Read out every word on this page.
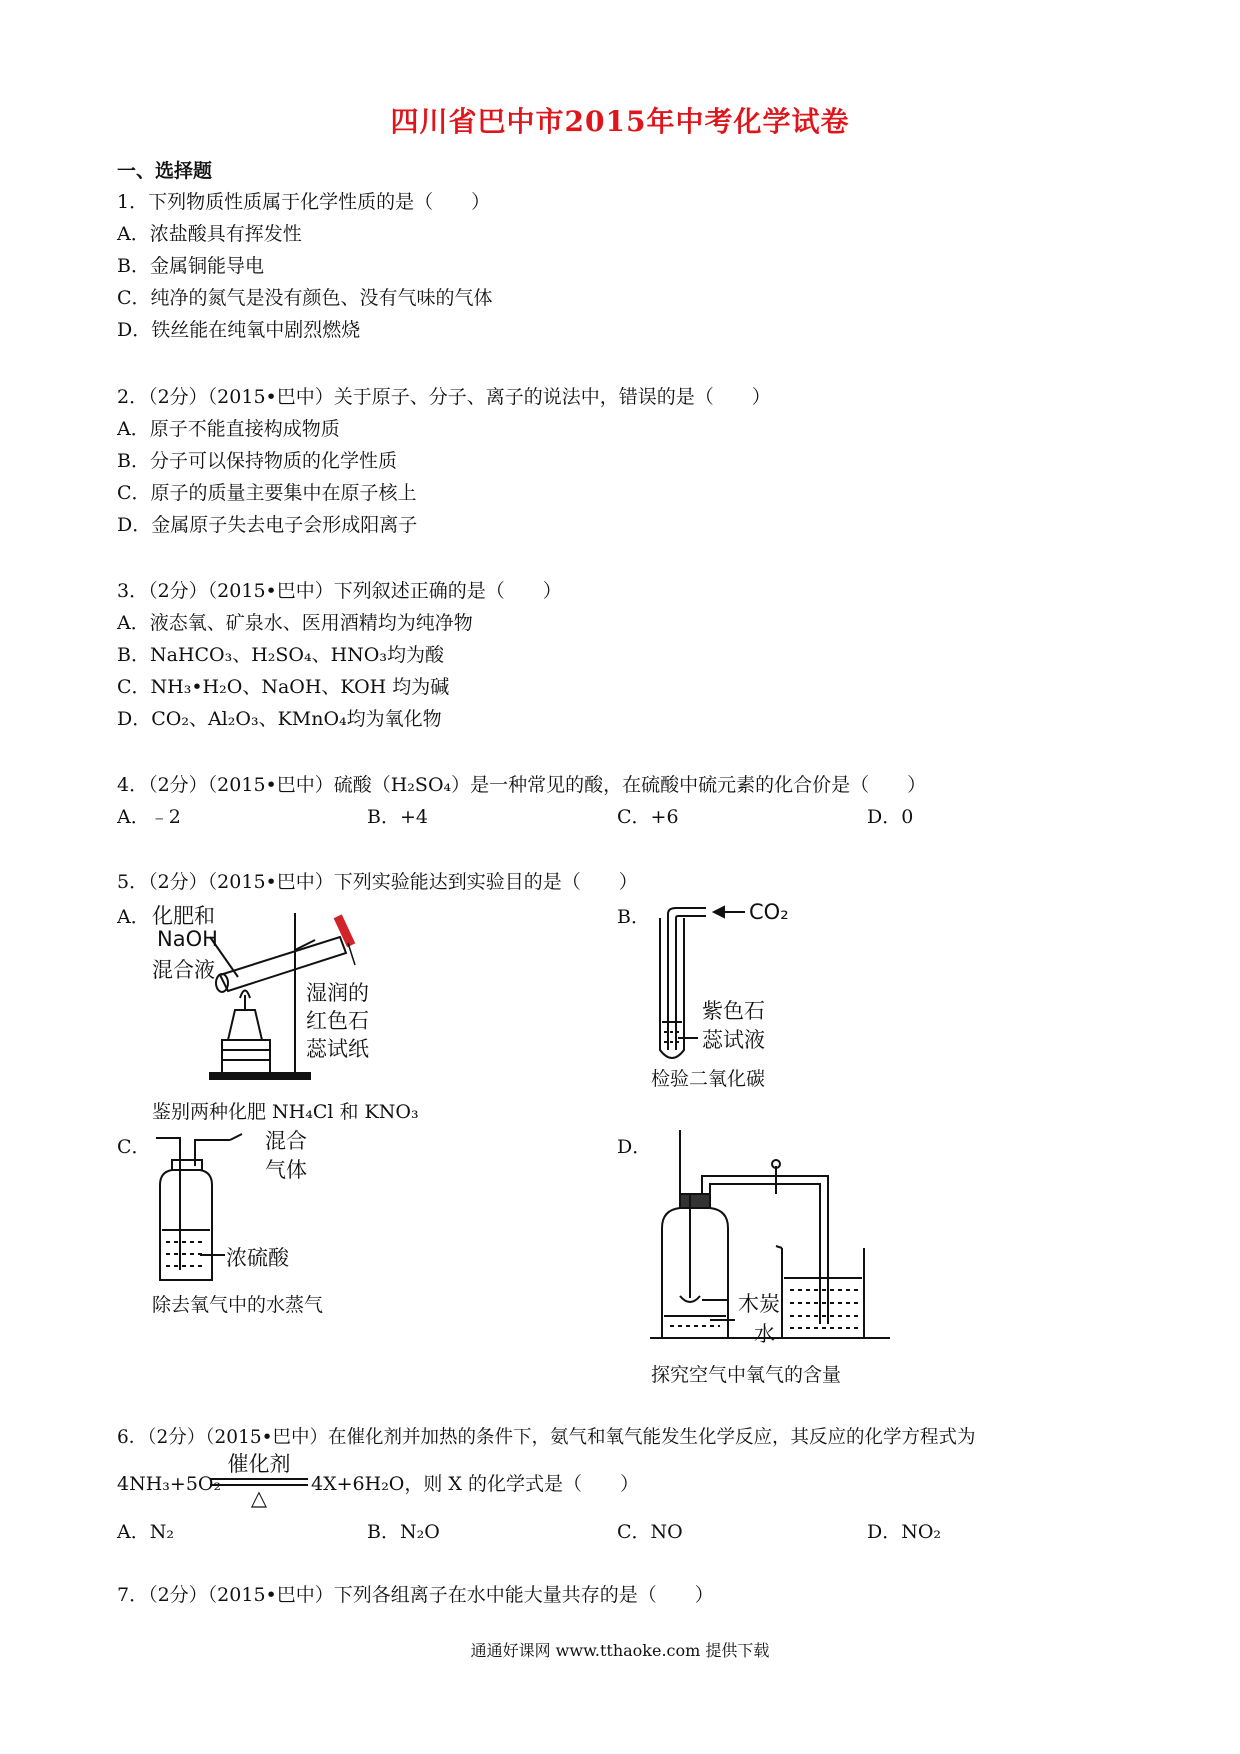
四川省巴中市2015年中考化学试卷
一、选择题
1．下列物质性质属于化学性质的是（　　）
A．浓盐酸具有挥发性
B．金属铜能导电
C．纯净的氮气是没有颜色、没有气味的气体
D．铁丝能在纯氧中剧烈燃烧
2．（2分）（2015•巴中）关于原子、分子、离子的说法中，错误的是（　　）
A．原子不能直接构成物质
B．分子可以保持物质的化学性质
C．原子的质量主要集中在原子核上
D．金属原子失去电子会形成阳离子
3．（2分）（2015•巴中）下列叙述正确的是（　　）
A．液态氧、矿泉水、医用酒精均为纯净物
B．NaHCO₃、H₂SO₄、HNO₃均为酸
C．NH₃•H₂O、NaOH、KOH 均为碱
D．CO₂、Al₂O₃、KMnO₄均为氧化物
4．（2分）（2015•巴中）硫酸（H₂SO₄）是一种常见的酸，在硫酸中硫元素的化合价是（　　）
A．﹣2	B．+4	C．+6	D．0
5．（2分）（2015•巴中）下列实验能达到实验目的是（　　）
A． 化肥和
NaOH
混合液
湿润的
红色石
蕊试纸
鉴别两种化肥 NH₄Cl 和 KNO₃
B．	CO₂
紫色石
蕊试液
检验二氧化碳
C．	混合
气体
浓硫酸
除去氧气中的水蒸气
D．
木炭
水
探究空气中氧气的含量
6．（2分）（2015•巴中）在催化剂并加热的条件下，氨气和氧气能发生化学反应，其反应的化学方程式为
4NH₃+5O₂
催化剂
△
4X+6H₂O，则 X 的化学式是（　　）
A．N₂	B．N₂O	C．NO	D．NO₂
7．（2分）（2015•巴中）下列各组离子在水中能大量共存的是（　　）
通通好课网 www.tthaoke.com 提供下载
